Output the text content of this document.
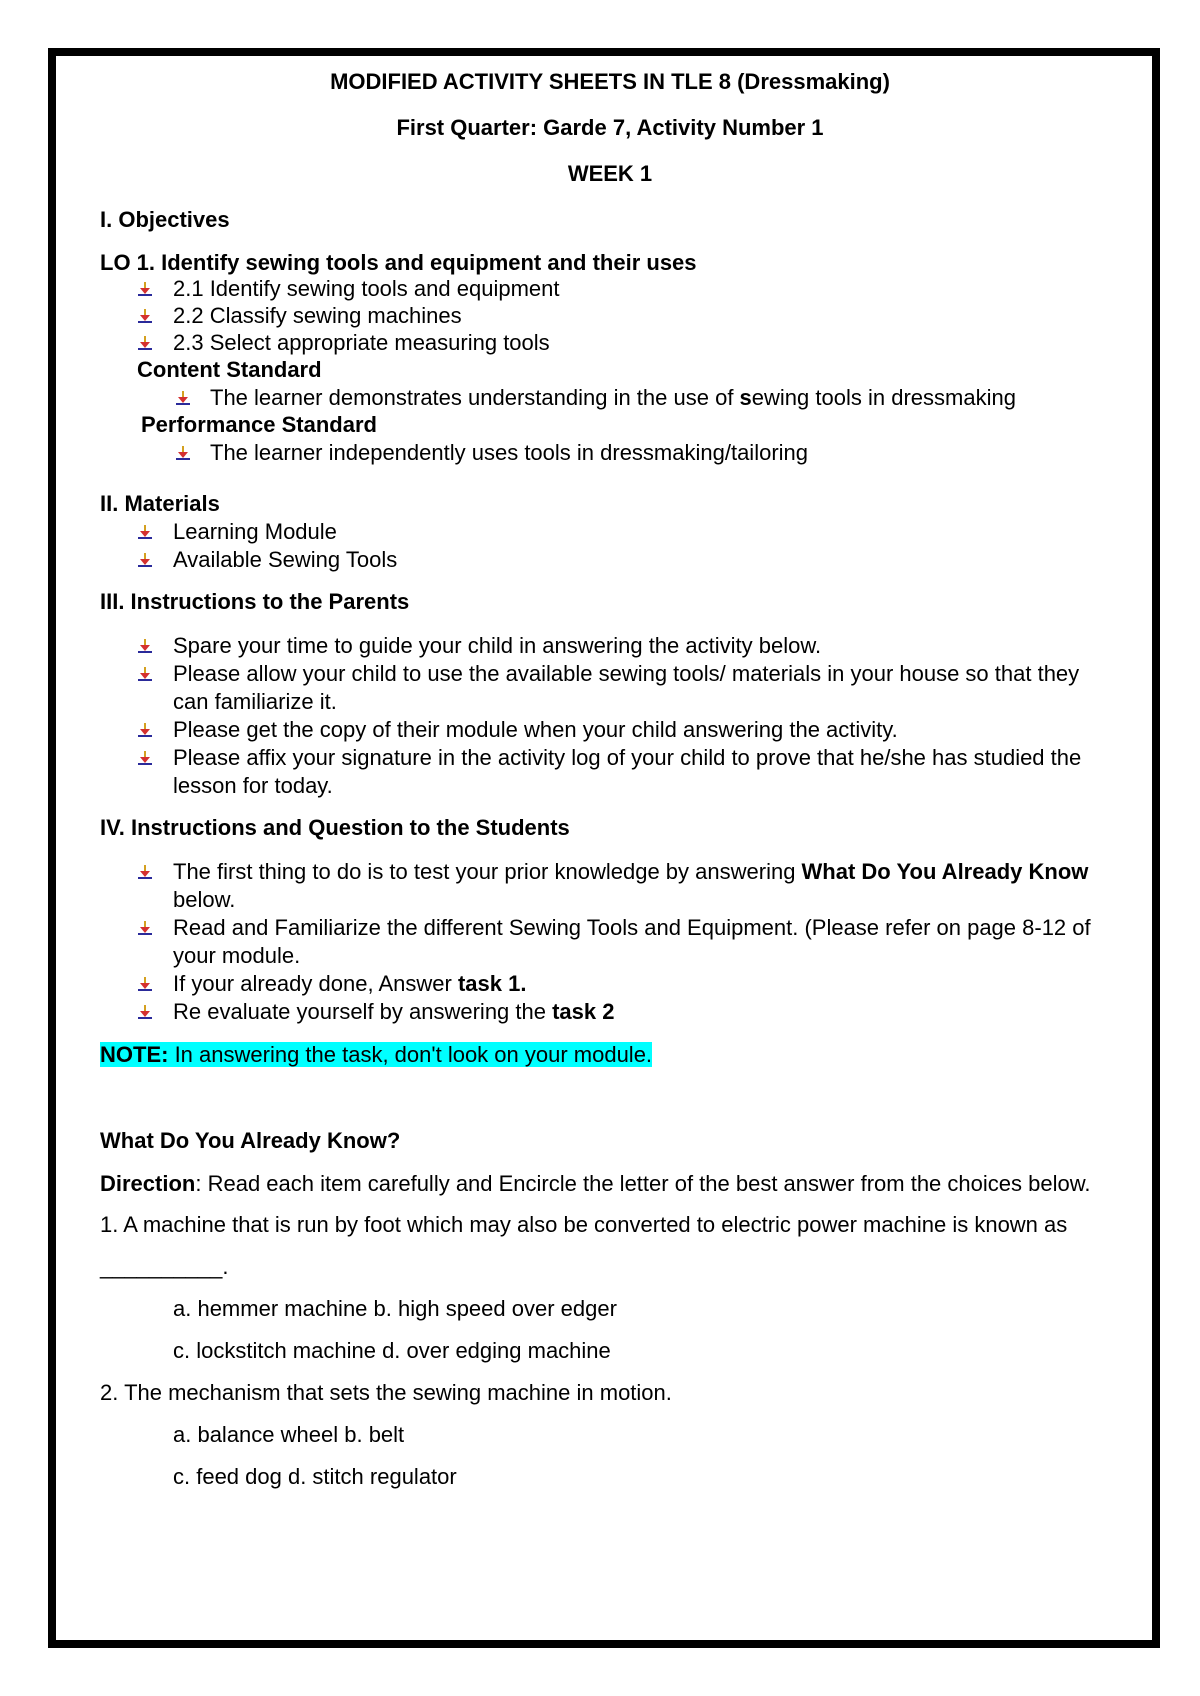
MODIFIED ACTIVITY SHEETS IN TLE 8 (Dressmaking)

First Quarter: Garde 7, Activity Number 1

WEEK 1

I. Objectives

LO 1. Identify sewing tools and equipment and their uses

2.1 Identify sewing tools and equipment
2.2 Classify sewing machines
2.3 Select appropriate measuring tools
Content Standard
The learner demonstrates understanding in the use of sewing tools in dressmaking
Performance Standard
The learner independently uses tools in dressmaking/tailoring

II. Materials

Learning Module
Available Sewing Tools

III. Instructions to the Parents

Spare your time to guide your child in answering the activity below.
Please allow your child to use the available sewing tools/ materials in your house so that they can familiarize it.
Please get the copy of their module when your child answering the activity.
Please affix your signature in the activity log of your child to prove that he/she has studied the lesson for today.

IV. Instructions and Question to the Students

The first thing to do is to test your prior knowledge by answering What Do You Already Know below.
Read and Familiarize the different Sewing Tools and Equipment. (Please refer on page 8-12 of your module.
If your already done, Answer task 1.
Re evaluate yourself by answering the task 2

NOTE: In answering the task, don't look on your module.

What Do You Already Know?

Direction: Read each item carefully and Encircle the letter of the best answer from the choices below.

1. A machine that is run by foot which may also be converted to electric power machine is known as __________.

a. hemmer machine b. high speed over edger
c. lockstitch machine d. over edging machine

2. The mechanism that sets the sewing machine in motion.

a. balance wheel b. belt
c. feed dog d. stitch regulator
